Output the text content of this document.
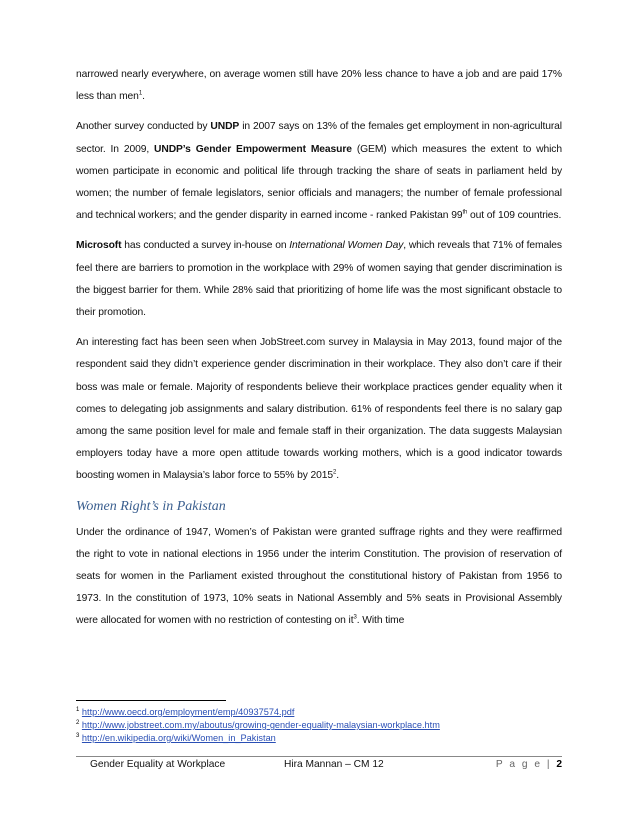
narrowed nearly everywhere, on average women still have 20% less chance to have a job and are paid 17% less than men$^1$.

Another survey conducted by UNDP in 2007 says on 13% of the females get employment in non-agricultural sector. In 2009, UNDP’s Gender Empowerment Measure (GEM) which measures the extent to which women participate in economic and political life through tracking the share of seats in parliament held by women; the number of female legislators, senior officials and managers; the number of female professional and technical workers; and the gender disparity in earned income - ranked Pakistan 99th out of 109 countries.

Microsoft has conducted a survey in-house on International Women Day, which reveals that 71% of females feel there are barriers to promotion in the workplace with 29% of women saying that gender discrimination is the biggest barrier for them. While 28% said that prioritizing of home life was the most significant obstacle to their promotion.

An interesting fact has been seen when JobStreet.com survey in Malaysia in May 2013, found major of the respondent said they didn’t experience gender discrimination in their workplace. They also don’t care if their boss was male or female. Majority of respondents believe their workplace practices gender equality when it comes to delegating job assignments and salary distribution. 61% of respondents feel there is no salary gap among the same position level for male and female staff in their organization. The data suggests Malaysian employers today have a more open attitude towards working mothers, which is a good indicator towards boosting women in Malaysia’s labor force to 55% by 2015$^2$.

Women Right’s in Pakistan

Under the ordinance of 1947, Women’s of Pakistan were granted suffrage rights and they were reaffirmed the right to vote in national elections in 1956 under the interim Constitution. The provision of reservation of seats for women in the Parliament existed throughout the constitutional history of Pakistan from 1956 to 1973. In the constitution of 1973, 10% seats in National Assembly and 5% seats in Provisional Assembly were allocated for women with no restriction of contesting on $it^3$. With time

$^1$ http://www.oecd.org/employment/emp/40937574.pdf
$^2$ http://www.jobstreet.com.my/aboutus/growing-gender-equality-malaysian-workplace.htm
$^3$ http://en.wikipedia.org/wiki/Women_in_Pakistan
Gender Equality at Workplace	Hira Mannan – CM 12	P a g e | 2
